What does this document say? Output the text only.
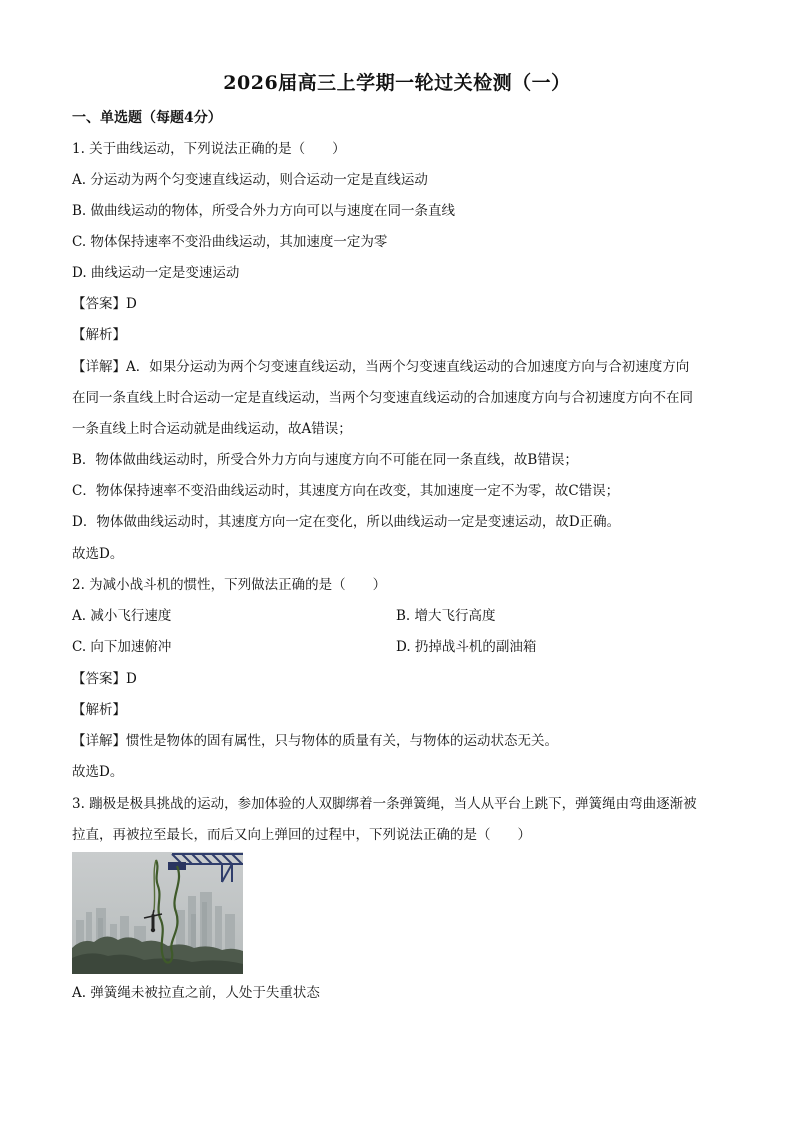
2026届高三上学期一轮过关检测（一）
一、单选题（每题4分）
1. 关于曲线运动，下列说法正确的是（　　）
A. 分运动为两个匀变速直线运动，则合运动一定是直线运动
B. 做曲线运动的物体，所受合外力方向可以与速度在同一条直线
C. 物体保持速率不变沿曲线运动，其加速度一定为零
D. 曲线运动一定是变速运动
【答案】D
【解析】
【详解】A．如果分运动为两个匀变速直线运动，当两个匀变速直线运动的合加速度方向与合初速度方向
在同一条直线上时合运动一定是直线运动，当两个匀变速直线运动的合加速度方向与合初速度方向不在同
一条直线上时合运动就是曲线运动，故A错误；
B．物体做曲线运动时，所受合外力方向与速度方向不可能在同一条直线，故B错误；
C．物体保持速率不变沿曲线运动时，其速度方向在改变，其加速度一定不为零，故C错误；
D．物体做曲线运动时，其速度方向一定在变化，所以曲线运动一定是变速运动，故D正确。
故选D。
2. 为减小战斗机的惯性，下列做法正确的是（　　）
A. 减小飞行速度	B. 增大飞行高度
C. 向下加速俯冲	D. 扔掉战斗机的副油箱
【答案】D
【解析】
【详解】惯性是物体的固有属性，只与物体的质量有关，与物体的运动状态无关。
故选D。
3. 蹦极是极具挑战的运动，参加体验的人双脚绑着一条弹簧绳，当人从平台上跳下，弹簧绳由弯曲逐渐被
拉直，再被拉至最长，而后又向上弹回的过程中，下列说法正确的是（　　）
A. 弹簧绳未被拉直之前，人处于失重状态
